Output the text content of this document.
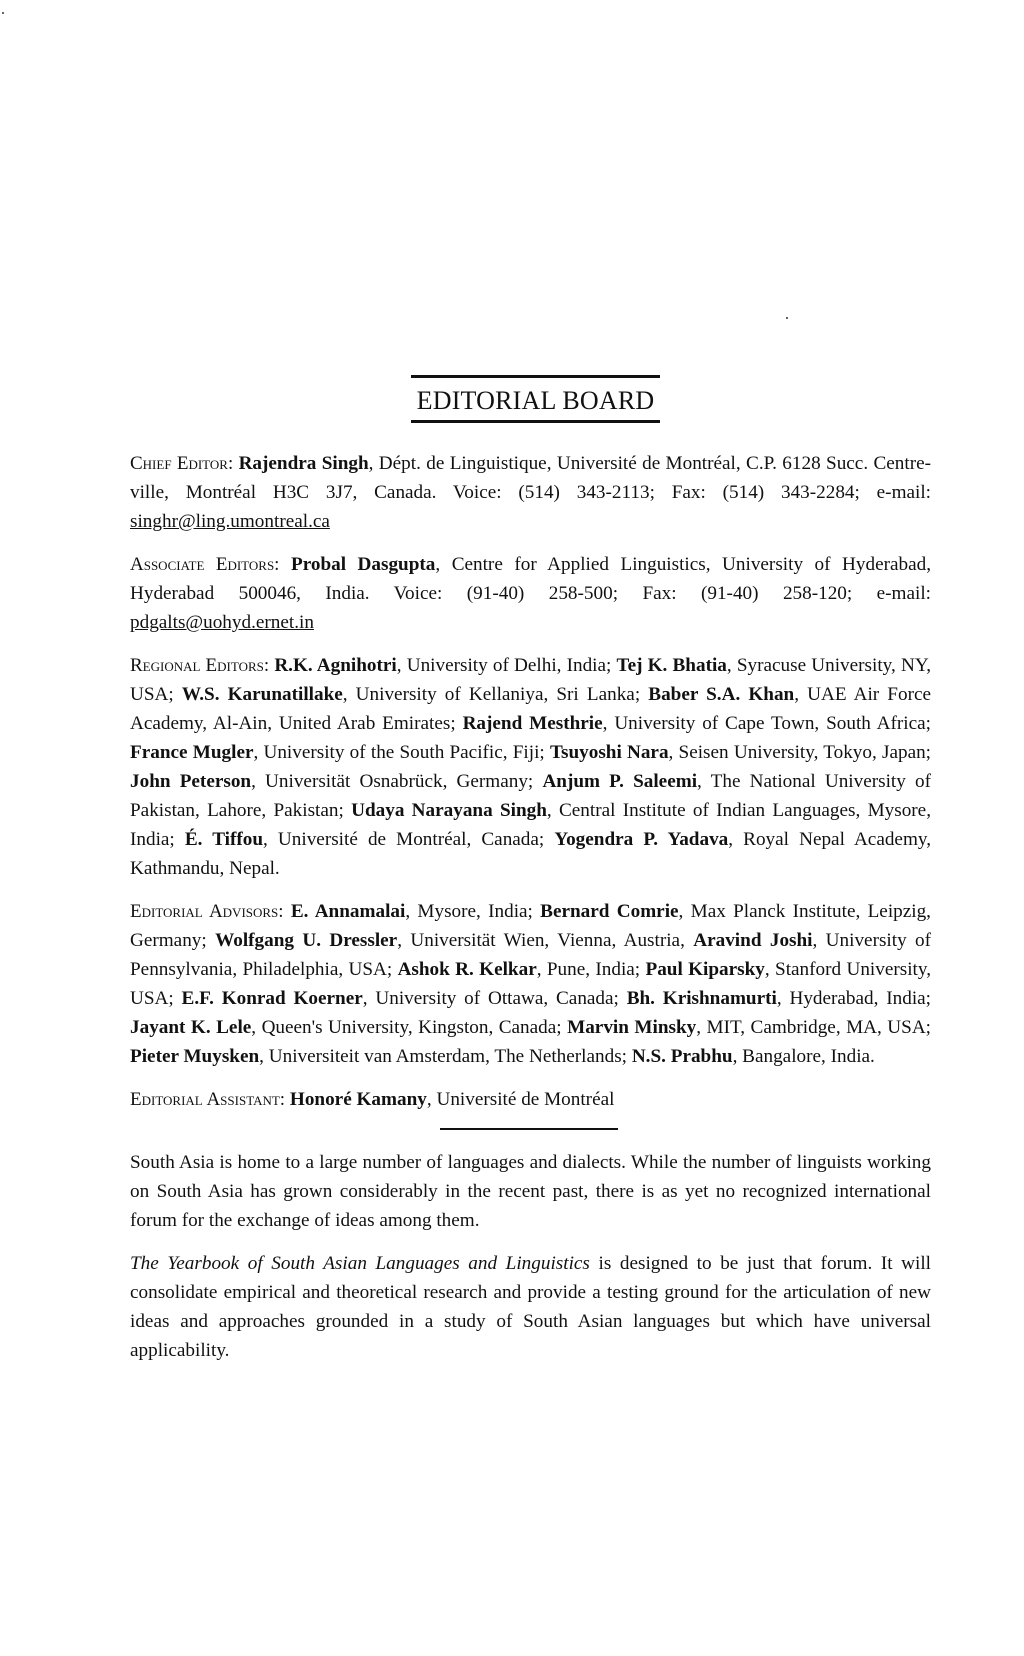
EDITORIAL BOARD

Chief Editor: Rajendra Singh, Dépt. de Linguistique, Université de Montréal, C.P. 6128 Succ. Centre-ville, Montréal H3C 3J7, Canada. Voice: (514) 343-2113; Fax: (514) 343-2284; e-mail: singhr@ling.umontreal.ca

Associate Editors: Probal Dasgupta, Centre for Applied Linguistics, University of Hyderabad, Hyderabad 500046, India. Voice: (91-40) 258-500; Fax: (91-40) 258-120; e-mail: pdgalts@uohyd.ernet.in

Regional Editors: R.K. Agnihotri, University of Delhi, India; Tej K. Bhatia, Syracuse University, NY, USA; W.S. Karunatillake, University of Kellaniya, Sri Lanka; Baber S.A. Khan, UAE Air Force Academy, Al-Ain, United Arab Emirates; Rajend Mesthrie, University of Cape Town, South Africa; France Mugler, University of the South Pacific, Fiji; Tsuyoshi Nara, Seisen University, Tokyo, Japan; John Peterson, Universität Osnabrück, Germany; Anjum P. Saleemi, The National University of Pakistan, Lahore, Pakistan; Udaya Narayana Singh, Central Institute of Indian Languages, Mysore, India; É. Tiffou, Université de Montréal, Canada; Yogendra P. Yadava, Royal Nepal Academy, Kathmandu, Nepal.

Editorial Advisors: E. Annamalai, Mysore, India; Bernard Comrie, Max Planck Institute, Leipzig, Germany; Wolfgang U. Dressler, Universität Wien, Vienna, Austria, Aravind Joshi, University of Pennsylvania, Philadelphia, USA; Ashok R. Kelkar, Pune, India; Paul Kiparsky, Stanford University, USA; E.F. Konrad Koerner, University of Ottawa, Canada; Bh. Krishnamurti, Hyderabad, India; Jayant K. Lele, Queen's University, Kingston, Canada; Marvin Minsky, MIT, Cambridge, MA, USA; Pieter Muysken, Universiteit van Amsterdam, The Netherlands; N.S. Prabhu, Bangalore, India.

Editorial Assistant: Honoré Kamany, Université de Montréal

South Asia is home to a large number of languages and dialects. While the number of linguists working on South Asia has grown considerably in the recent past, there is as yet no recognized international forum for the exchange of ideas among them.

The Yearbook of South Asian Languages and Linguistics is designed to be just that forum. It will consolidate empirical and theoretical research and provide a testing ground for the articulation of new ideas and approaches grounded in a study of South Asian languages but which have universal applicability.
